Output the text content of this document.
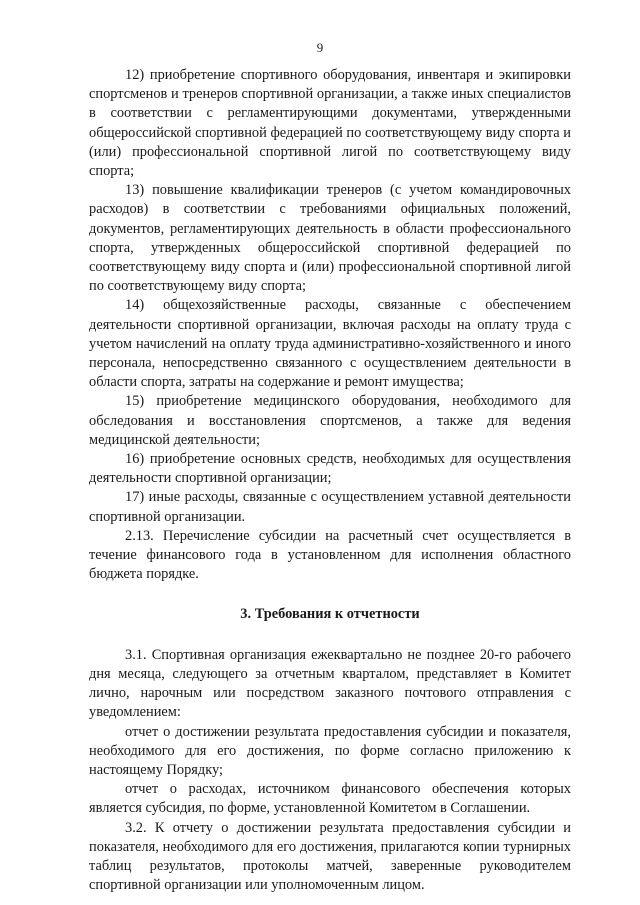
9

12) приобретение спортивного оборудования, инвентаря и экипировки спортсменов и тренеров спортивной организации, а также иных специалистов в соответствии с регламентирующими документами, утвержденными общероссийской спортивной федерацией по соответствующему виду спорта и (или) профессиональной спортивной лигой по соответствующему виду спорта;

13) повышение квалификации тренеров (с учетом командировочных расходов) в соответствии с требованиями официальных положений, документов, регламентирующих деятельность в области профессионального спорта, утвержденных общероссийской спортивной федерацией по соответствующему виду спорта и (или) профессиональной спортивной лигой по соответствующему виду спорта;

14) общехозяйственные расходы, связанные с обеспечением деятельности спортивной организации, включая расходы на оплату труда с учетом начислений на оплату труда административно-хозяйственного и иного персонала, непосредственно связанного с осуществлением деятельности в области спорта, затраты на содержание и ремонт имущества;

15) приобретение медицинского оборудования, необходимого для обследования и восстановления спортсменов, а также для ведения медицинской деятельности;

16) приобретение основных средств, необходимых для осуществления деятельности спортивной организации;

17) иные расходы, связанные с осуществлением уставной деятельности спортивной организации.

2.13. Перечисление субсидии на расчетный счет осуществляется в течение финансового года в установленном для исполнения областного бюджета порядке.

3. Требования к отчетности

3.1. Спортивная организация ежеквартально не позднее 20-го рабочего дня месяца, следующего за отчетным кварталом, представляет в Комитет лично, нарочным или посредством заказного почтового отправления с уведомлением:

отчет о достижении результата предоставления субсидии и показателя, необходимого для его достижения, по форме согласно приложению к настоящему Порядку;

отчет о расходах, источником финансового обеспечения которых является субсидия, по форме, установленной Комитетом в Соглашении.

3.2. К отчету о достижении результата предоставления субсидии и показателя, необходимого для его достижения, прилагаются копии турнирных таблиц результатов, протоколы матчей, заверенные руководителем спортивной организации или уполномоченным лицом.
